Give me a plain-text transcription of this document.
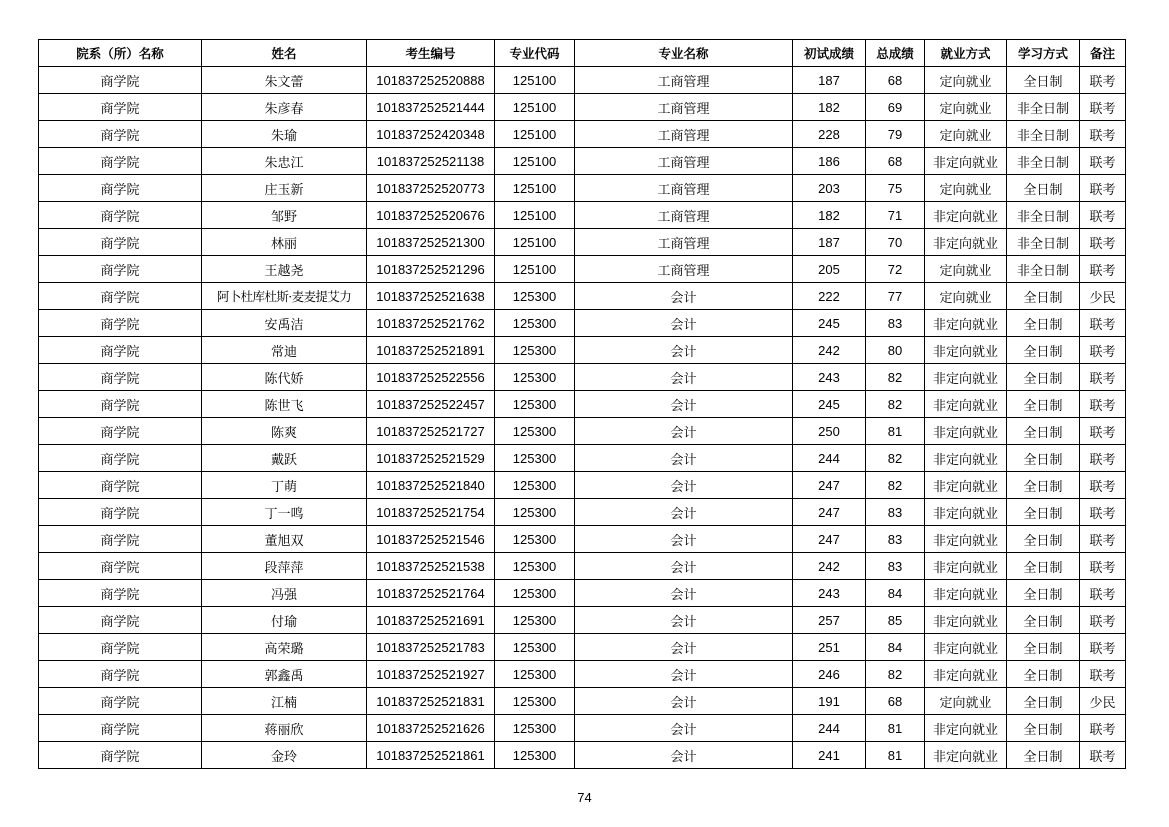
院系（所）名称	姓名	考生编号	专业代码	专业名称	初试成绩	总成绩	就业方式	学习方式	备注
商学院	朱文蕾	101837252520888	125100	工商管理	187	68	定向就业	全日制	联考
商学院	朱彦春	101837252521444	125100	工商管理	182	69	定向就业	非全日制	联考
商学院	朱瑜	101837252420348	125100	工商管理	228	79	定向就业	非全日制	联考
商学院	朱忠江	101837252521138	125100	工商管理	186	68	非定向就业	非全日制	联考
商学院	庄玉新	101837252520773	125100	工商管理	203	75	定向就业	全日制	联考
商学院	邹野	101837252520676	125100	工商管理	182	71	非定向就业	非全日制	联考
商学院	林丽	101837252521300	125100	工商管理	187	70	非定向就业	非全日制	联考
商学院	王越尧	101837252521296	125100	工商管理	205	72	定向就业	非全日制	联考
商学院	阿卜杜库杜斯·麦麦提艾力	101837252521638	125300	会计	222	77	定向就业	全日制	少民
商学院	安禹洁	101837252521762	125300	会计	245	83	非定向就业	全日制	联考
商学院	常迪	101837252521891	125300	会计	242	80	非定向就业	全日制	联考
商学院	陈代娇	101837252522556	125300	会计	243	82	非定向就业	全日制	联考
商学院	陈世飞	101837252522457	125300	会计	245	82	非定向就业	全日制	联考
商学院	陈爽	101837252521727	125300	会计	250	81	非定向就业	全日制	联考
商学院	戴跃	101837252521529	125300	会计	244	82	非定向就业	全日制	联考
商学院	丁萌	101837252521840	125300	会计	247	82	非定向就业	全日制	联考
商学院	丁一鸣	101837252521754	125300	会计	247	83	非定向就业	全日制	联考
商学院	董旭双	101837252521546	125300	会计	247	83	非定向就业	全日制	联考
商学院	段萍萍	101837252521538	125300	会计	242	83	非定向就业	全日制	联考
商学院	冯强	101837252521764	125300	会计	243	84	非定向就业	全日制	联考
商学院	付瑜	101837252521691	125300	会计	257	85	非定向就业	全日制	联考
商学院	高荣璐	101837252521783	125300	会计	251	84	非定向就业	全日制	联考
商学院	郭鑫禹	101837252521927	125300	会计	246	82	非定向就业	全日制	联考
商学院	江楠	101837252521831	125300	会计	191	68	定向就业	全日制	少民
商学院	蒋丽欣	101837252521626	125300	会计	244	81	非定向就业	全日制	联考
商学院	金玲	101837252521861	125300	会计	241	81	非定向就业	全日制	联考
74
